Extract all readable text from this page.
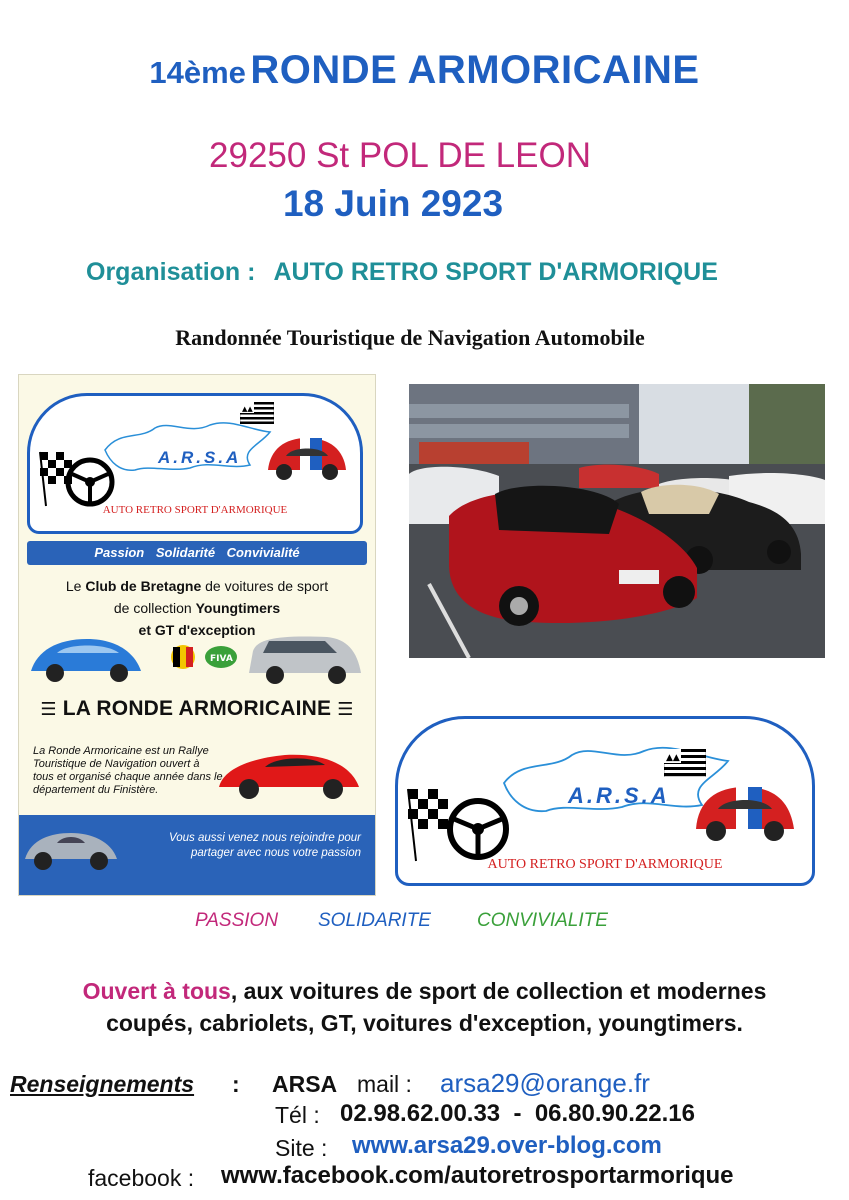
14ème RONDE ARMORICAINE
29250 St POL DE LEON
18 Juin 2923
Organisation : AUTO RETRO SPORT D'ARMORIQUE
Randonnée Touristique de Navigation Automobile
A.R.S.A
▲▲
AUTO RETRO SPORT D'ARMORIQUE
Passion Solidarité Convivialité
Le Club de Bretagne de voitures de sport
de collection Youngtimers
et GT d'exception
FIVA
☰ LA RONDE ARMORICAINE ☰
La Ronde Armoricaine est un Rallye Touristique de Navigation ouvert à tous et organisé chaque année dans le département du Finistère.
Vous aussi venez nous rejoindre pour partager avec nous votre passion
A.R.S.A
▲▲
AUTO RETRO SPORT D'ARMORIQUE
PASSION SOLIDARITE CONVIVIALITE
Ouvert à tous, aux voitures de sport de collection et modernes
coupés, cabriolets, GT, voitures d'exception, youngtimers.
Renseignements : ARSA mail : arsa29@orange.fr
Tél : 02.98.62.00.33  -  06.80.90.22.16
Site : www.arsa29.over-blog.com
facebook : www.facebook.com/autoretrosportarmorique
